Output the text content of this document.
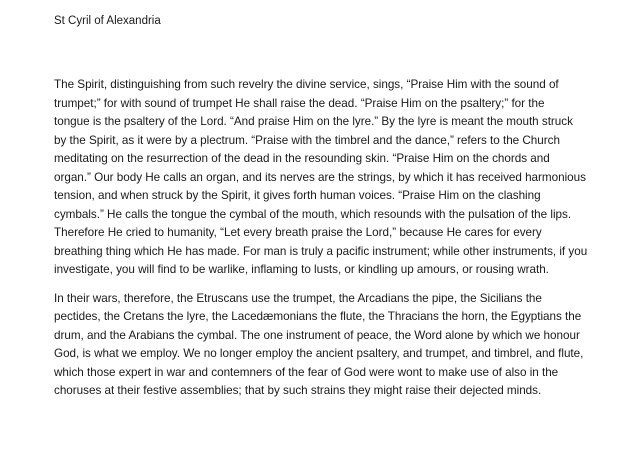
St Cyril of Alexandria

The Spirit, distinguishing from such revelry the divine service, sings, “Praise Him with the sound of
trumpet;” for with sound of trumpet He shall raise the dead. “Praise Him on the psaltery;” for the
tongue is the psaltery of the Lord. “And praise Him on the lyre.” By the lyre is meant the mouth struck
by the Spirit, as it were by a plectrum. “Praise with the timbrel and the dance,” refers to the Church
meditating on the resurrection of the dead in the resounding skin. “Praise Him on the chords and
organ.” Our body He calls an organ, and its nerves are the strings, by which it has received harmonious
tension, and when struck by the Spirit, it gives forth human voices. “Praise Him on the clashing
cymbals.” He calls the tongue the cymbal of the mouth, which resounds with the pulsation of the lips.
Therefore He cried to humanity, “Let every breath praise the Lord,” because He cares for every
breathing thing which He has made. For man is truly a pacific instrument; while other instruments, if you
investigate, you will find to be warlike, inflaming to lusts, or kindling up amours, or rousing wrath.

In their wars, therefore, the Etruscans use the trumpet, the Arcadians the pipe, the Sicilians the
pectides, the Cretans the lyre, the Lacedæmonians the flute, the Thracians the horn, the Egyptians the
drum, and the Arabians the cymbal. The one instrument of peace, the Word alone by which we honour
God, is what we employ. We no longer employ the ancient psaltery, and trumpet, and timbrel, and flute,
which those expert in war and contemners of the fear of God were wont to make use of also in the
choruses at their festive assemblies; that by such strains they might raise their dejected minds.
